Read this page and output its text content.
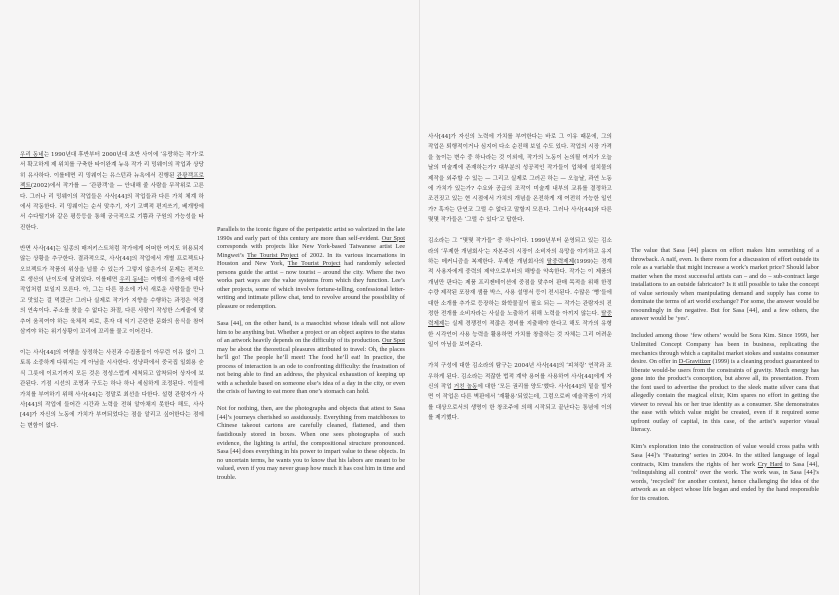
우리 동네는 1990년대 후반부터 2000년대 초반 사이에 ‘유랑하는 작가’로서 확고하게 제 위치를 구축한 타이완계 뉴욕 작가 리 밍웨이의 작업과 상당히 유사하다. 이를테면 리 밍웨이는 유스턴과 뉴욕에서 진행된 관광객프로젝트(2002)에서 작가를 — ‘관광객’을 — 안내해 줄 사람을 무작위로 고른다. 그러나 리 밍웨이의 작업들은 사사[44]의 작업들과 다른 가치 체계 하에서 작동한다. 리 밍웨이는 순서 맞추기, 자기 고백적 편지쓰기, 베개방에서 수다떨기와 같은 평등등을 통해 궁극적으로 기쁨과 구원의 가능성을 타진한다.

반면 사사[44]는 일종의 매저키스트처럼 작가에게 어떠한 여지도 허용되지 않는 상황을 추구한다. 결과적으로, 사사[44]의 작업에서 개별 프로젝트나 오브젝트가 작품의 위상을 넘볼 수 있는가 그렇지 않은가의 문제는 전적으로 생산의 난이도에 달려있다. 이를테면 우리 동네는 여행의 즐거움에 대한 작업처럼 보일지 모른다. 아, 그는 다른 장소에 가서 새로운 사람들을 만나고 맛있는 걸 먹겠군! 그러나 실제로 작가가 지향을 수행하는 과정은 역경의 연속이다. 주소를 찾을 수 없다는 좌절, 다른 사람이 작성한 스케줄에 맞추어 움직여야 하는 육체적 피로, 혼자 대 익기 곤란한 문화의 음식을 참어 삼켜야 하는 위기상황이 꼬리에 꼬리를 물고 이어진다.

이는 사사[44]의 여행을 상정하는 사진과 수집품들이 아무런 이유 없이 그토록 소중하게 다뤄지는 게 아님을 시사한다. 성냥곽에서 중국집 일회용 숟식 그릇에 이르기까지 모든 것은 정성스럽게 세척되고 압착되어 상자에 보관된다. 기점 시선의 조명과 구도는 하나 하나 세심하게 조정된다. 이들에 가치를 부여하기 위해 사사[44]는 정말로 최선을 다한다. 설령 관람자가 사사[44]의 작업에 들어간 시간과 노력을 전혀 알아채지 못한다 해도, 사사[44]가 자신의 노동에 가치가 부여되었다는 점을 알리고 싶어한다는 점에는 변함이 없다.

Parallels to the iconic figure of the peripatetic artist so valorized in the late 1990s and early part of this century are more than self-evident. Our Spot corresponds with projects like New York-based Taiwanese artist Lee Mingwei’s The Tourist Project of 2002. In its various incarnations in Houston and New York, The Tourist Project had randomly selected persons guide the artist – now tourist – around the city. Where the two works part ways are the value systems from which they function. Lee’s other projects, some of which involve fortune-telling, confessional letter-writing and intimate pillow chat, tend to revolve around the possibility of pleasure or redemption.

Sasa [44], on the other hand, is a masochist whose ideals will not allow him to be anything but. Whether a project or an object aspires to the status of an artwork heavily depends on the difficulty of its production. Our Spot may be about the theoretical pleasures attributed to travel: Oh, the places he’ll go! The people he’ll meet! The food he’ll eat! In practice, the process of interaction is an ode to confronting difficulty: the frustration of not being able to find an address, the physical exhaustion of keeping up with a schedule based on someone else’s idea of a day in the city, or even the crisis of having to eat more than one’s stomach can hold.

Not for nothing, then, are the photographs and objects that attest to Sasa [44]’s journeys cherished so assiduously. Everything from matchboxes to Chinese takeout cartons are carefully cleaned, flattened, and then fastidiously stored in boxes. When one sees photographs of such evidence, the lighting is artful, the compositional structure pronounced. Sasa [44] does everything in his power to impart value to these objects. In no uncertain terms, he wants you to know that his labors are meant to be valued, even if you may never grasp how much it has cost him in time and trouble.

사사[44]가 자신의 노력에 가치를 부여한다는 바로 그 이유 때문에, 그의 작업은 퇴행적이거나 심지어 다소 순진해 보일 수도 있다. 작업의 시장 가격을 높이는 변수 중 하나라는 것 이외에, 작가의 노동이 논의될 여지가 오늘날의 미술계에 존재하는가? 대부분의 성공적인 작가들이 업체에 설치물의 제작을 외주할 수 있는 — 그리고 실제로 그러곤 하는 — 오늘날, 과연 노동에 가치가 있는가? 수요와 공급의 조작이 미술계 내부의 교류를 결정하고 조건짓고 있는 현 시점에서 가치의 개념을 온전하게 재 여전히 가능한 일인가? 혹자는 단연코 그럴 수 없다고 말할지 모른다. 그러나 사사[44]와 다른 몇몇 작가들은 ‘그럴 수 있다’고 답한다.

김소라는 그 “몇몇 작가들” 중 하나이다. 1999년부터 운영되고 있는 김소라의 ‘무제한 개념회사’는 자본주의 시장이 소비자의 욕망을 야기하고 유지하는 메커니즘을 복제한다. 무제한 개념회사의 탈중력제제(1999)는 경계적 사용자에게 중력의 제약으로부터의 해방을 약속한다. 작가는 이 제품의 개념만 판다는 제품 프리젠테이션에 중점을 맞추어 판매 목적을 위해 한정 수량 제작된 포장재 샘플 박스, 사용 설명서 등이 전시된다. 수많은 ‘뻥’들에 대한 소개를 추가로 등장하는 화학물질이 필요 되는 — 작가는 관람자의 진정한 전개를 소비자라는 사실을 노출하기 위해 노력을 아끼지 않는다. 탈중력제제는 실제 경쟁전이 적잖은 경비를 지출해야 한다고 해도 작가의 유형한 시각언어 사용 능력을 활용하면 가치를 창출하는 것 자체는 그리 어려운 일이 아님을 보여준다.

가치 구성에 대한 김소라의 탐구는 2004년 사사[44]의 ‘피처링’ 연작과 조우하게 된다. 김소라는 적잖한 법적 계약 용어를 사용하여 사사[44]에게 자신의 작업 거친 놀동에 대한 ‘모든 권리를 양도’했다. 사사[44]의 밑을 빌자면 이 작업은 다른 벽판에서 ‘재활용’되었는데, 그럼으로써 예술작품이 가치를 대상으로서의 생명이 한 창조주에 의해 시작되고 끝난다는 통념에 이의를 제기했다.

The value that Sasa [44] places on effort makes him something of a throwback. A naïf, even. Is there room for a discussion of effort outside its role as a variable that might increase a work’s market price? Should labor matter when the most successful artists can – and do – sub-contract large installations to an outside fabricator? Is it still possible to take the concept of value seriously when manipulating demand and supply has come to dominate the terms of art world exchange? For some, the answer would be resoundingly in the negative. But for Sasa [44], and a few others, the answer would be ‘yes’.

Included among those ‘few others’ would be Sora Kim. Since 1999, her Unlimited Concept Company has been in business, replicating the mechanics through which a capitalist market stokes and sustains consumer desire. On offer in D-Gravitizer (1999) is a cleaning product guaranteed to liberate would-be users from the constraints of gravity. Much energy has gone into the product’s conception, but above all, its presentation. From the font used to advertise the product to the sleek matte silver cans that allegedly contain the magical elixir, Kim spares no effort in getting the viewer to reveal his or her true identity as a consumer. She demonstrates the ease with which value might be created, even if it required some upfront outlay of capital, in this case, of the artist’s superior visual literacy.

Kim’s exploration into the construction of value would cross paths with Sasa [44]’s ‘Featuring’ series in 2004. In the stilted language of legal contracts, Kim transfers the rights of her work Cry Hard to Sasa [44], ‘relinquishing all control’ over the work. The work was, in Sasa [44]’s words, ‘recycled’ for another context, hence challenging the idea of the artwork as an object whose life began and ended by the hand responsible for its creation.
